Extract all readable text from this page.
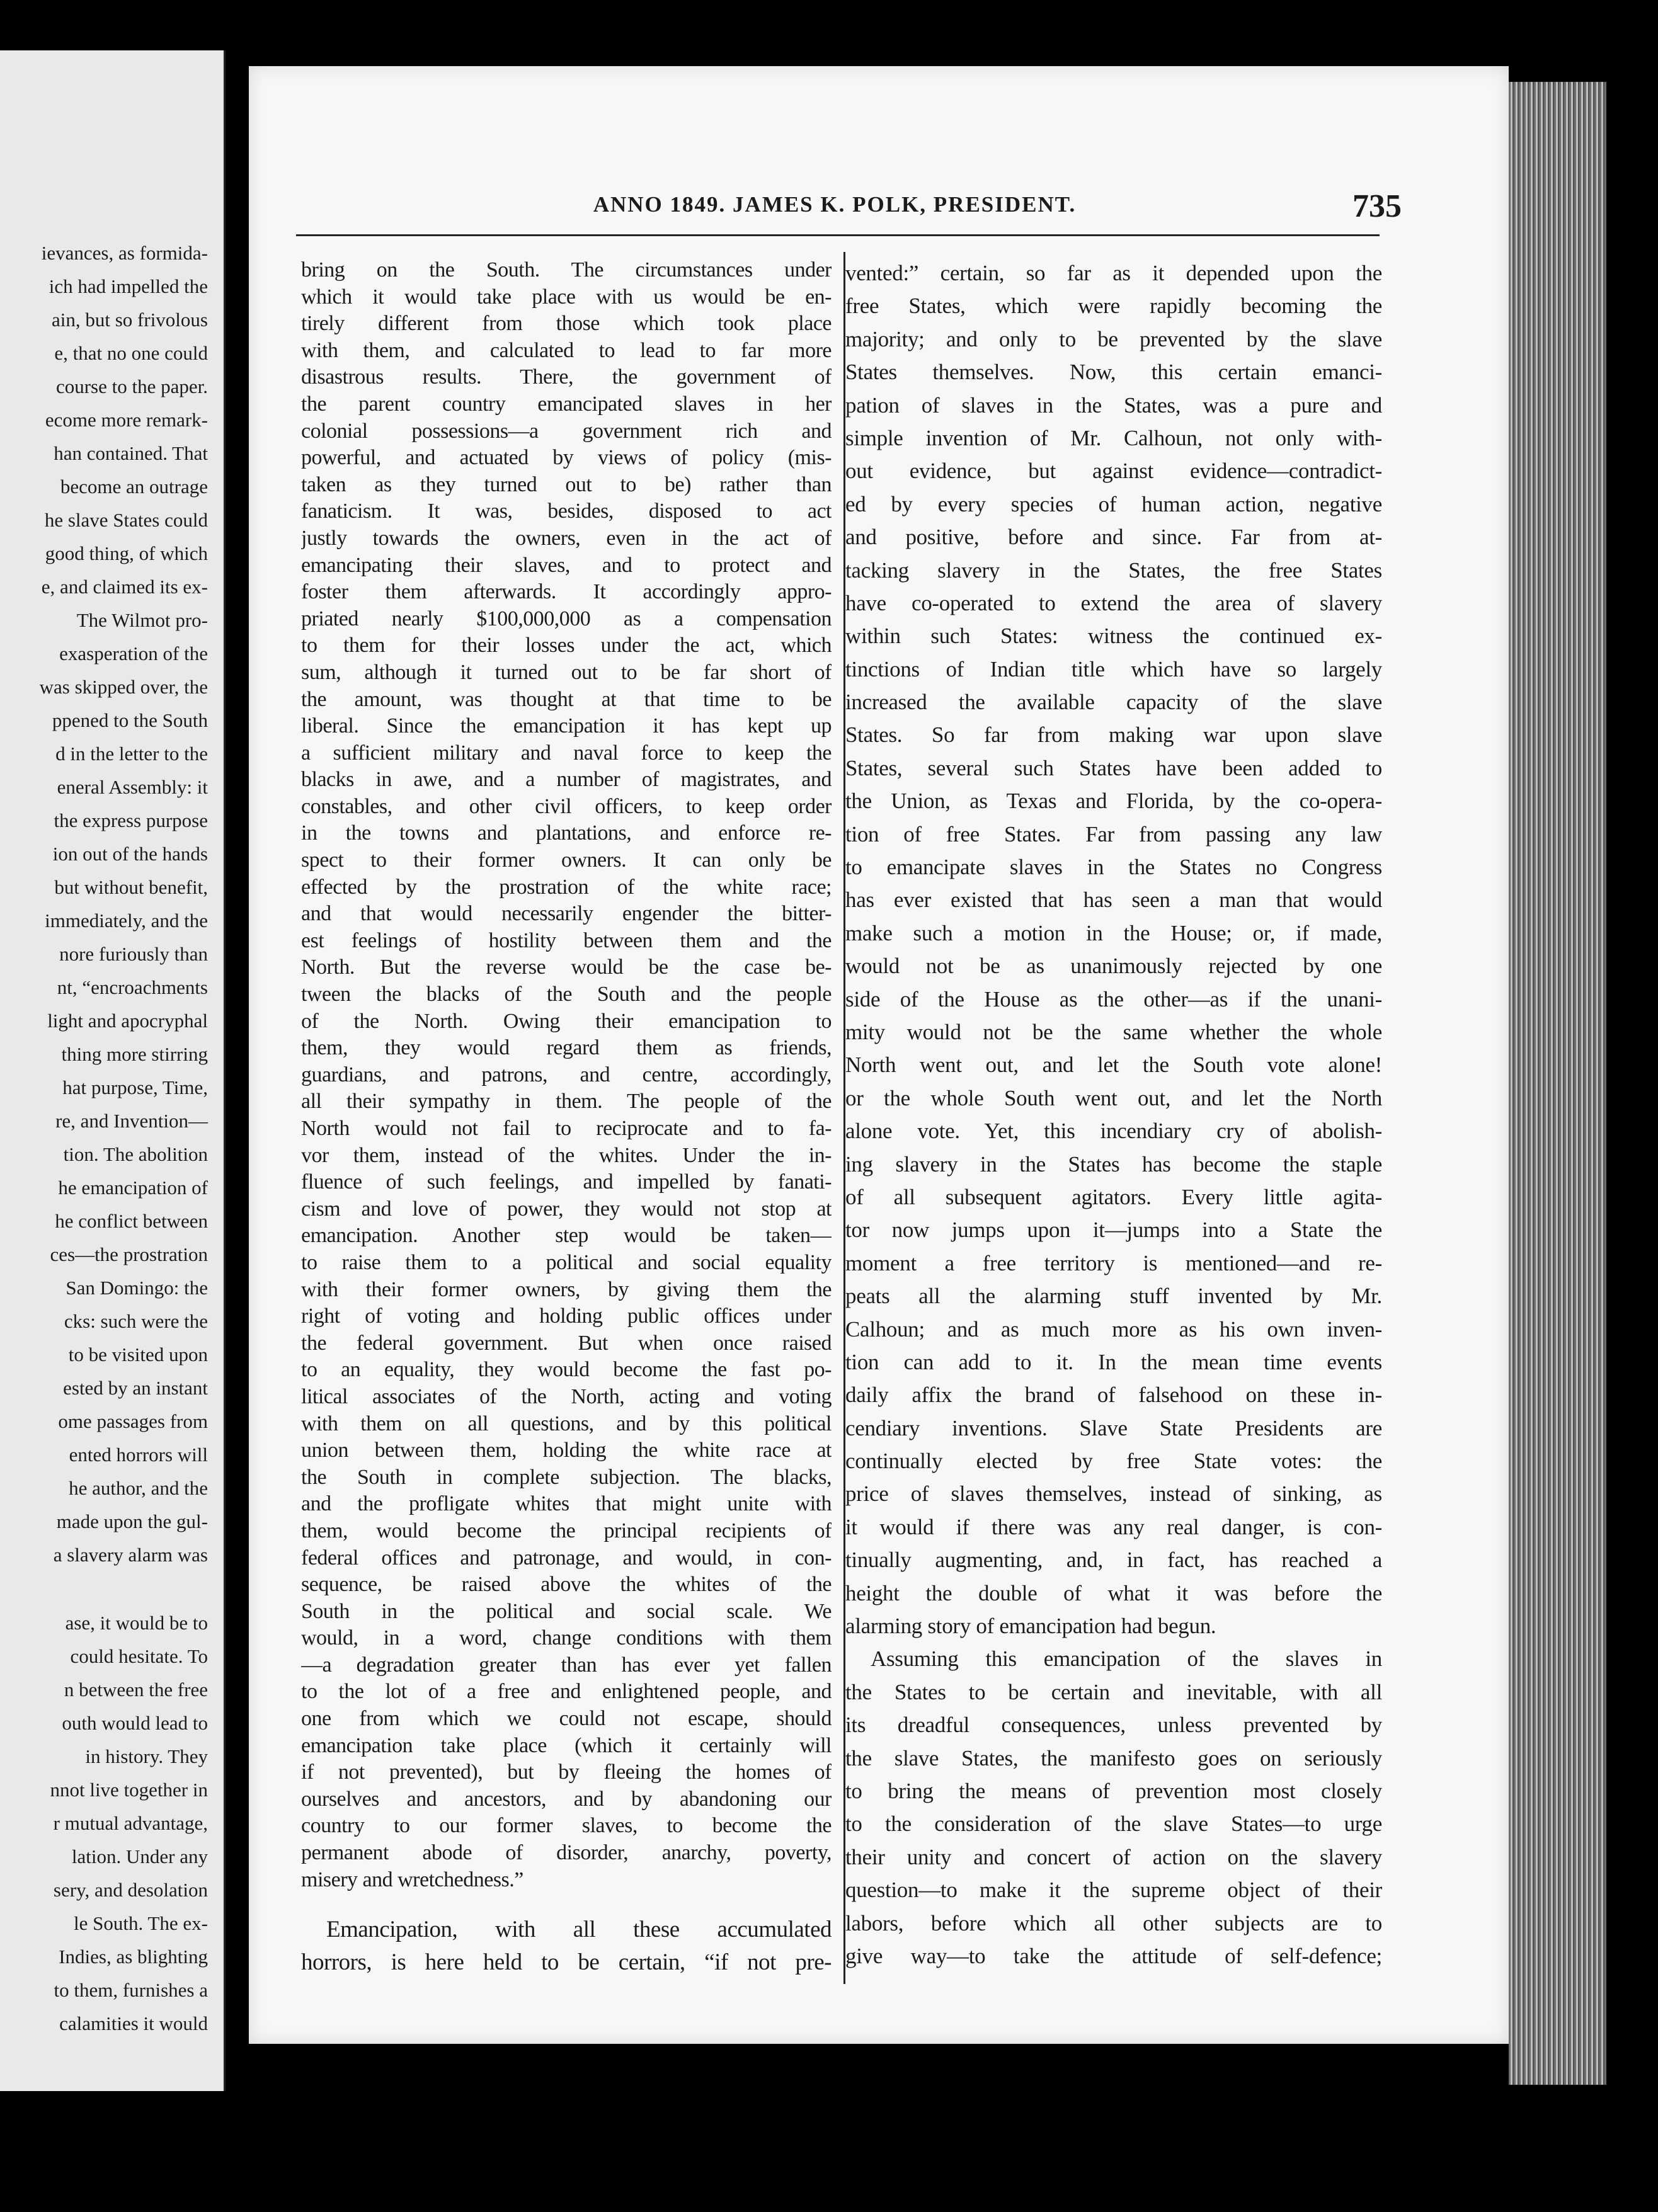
ievances, as formida-
ich had impelled the
ain, but so frivolous
e, that no one could
course to the paper.
ecome more remark-
han contained. That
become an outrage
he slave States could
good thing, of which
e, and claimed its ex-
The Wilmot pro-
exasperation of the
was skipped over, the
ppened to the South
d in the letter to the
eneral Assembly: it
the express purpose
ion out of the hands
but without benefit,
immediately, and the
nore furiously than
nt, “encroachments
light and apocryphal
thing more stirring
hat purpose, Time,
re, and Invention—
tion. The abolition
he emancipation of
he conflict between
ces—the prostration
San Domingo: the
cks: such were the
to be visited upon
ested by an instant
ome passages from
ented horrors will
he author, and the
made upon the gul-
a slavery alarm was
ase, it would be to
could hesitate. To
n between the free
outh would lead to
in history. They
nnot live together in
r mutual advantage,
lation. Under any
sery, and desolation
le South. The ex-
Indies, as blighting
to them, furnishes a
calamities it would
ANNO 1849. JAMES K. POLK, PRESIDENT.	735
bring on the South. The circumstances under
which it would take place with us would be en-
tirely different from those which took place
with them, and calculated to lead to far more
disastrous results. There, the government of
the parent country emancipated slaves in her
colonial possessions—a government rich and
powerful, and actuated by views of policy (mis-
taken as they turned out to be) rather than
fanaticism. It was, besides, disposed to act
justly towards the owners, even in the act of
emancipating their slaves, and to protect and
foster them afterwards. It accordingly appro-
priated nearly $100,000,000 as a compensation
to them for their losses under the act, which
sum, although it turned out to be far short of
the amount, was thought at that time to be
liberal. Since the emancipation it has kept up
a sufficient military and naval force to keep the
blacks in awe, and a number of magistrates, and
constables, and other civil officers, to keep order
in the towns and plantations, and enforce re-
spect to their former owners. It can only be
effected by the prostration of the white race;
and that would necessarily engender the bitter-
est feelings of hostility between them and the
North. But the reverse would be the case be-
tween the blacks of the South and the people
of the North. Owing their emancipation to
them, they would regard them as friends,
guardians, and patrons, and centre, accordingly,
all their sympathy in them. The people of the
North would not fail to reciprocate and to fa-
vor them, instead of the whites. Under the in-
fluence of such feelings, and impelled by fanati-
cism and love of power, they would not stop at
emancipation. Another step would be taken—
to raise them to a political and social equality
with their former owners, by giving them the
right of voting and holding public offices under
the federal government. But when once raised
to an equality, they would become the fast po-
litical associates of the North, acting and voting
with them on all questions, and by this political
union between them, holding the white race at
the South in complete subjection. The blacks,
and the profligate whites that might unite with
them, would become the principal recipients of
federal offices and patronage, and would, in con-
sequence, be raised above the whites of the
South in the political and social scale. We
would, in a word, change conditions with them
—a degradation greater than has ever yet fallen
to the lot of a free and enlightened people, and
one from which we could not escape, should
emancipation take place (which it certainly will
if not prevented), but by fleeing the homes of
ourselves and ancestors, and by abandoning our
country to our former slaves, to become the
permanent abode of disorder, anarchy, poverty,
misery and wretchedness.”
Emancipation, with all these accumulated
horrors, is here held to be certain, “if not pre-
vented:” certain, so far as it depended upon the
free States, which were rapidly becoming the
majority; and only to be prevented by the slave
States themselves. Now, this certain emanci-
pation of slaves in the States, was a pure and
simple invention of Mr. Calhoun, not only with-
out evidence, but against evidence—contradict-
ed by every species of human action, negative
and positive, before and since. Far from at-
tacking slavery in the States, the free States
have co-operated to extend the area of slavery
within such States: witness the continued ex-
tinctions of Indian title which have so largely
increased the available capacity of the slave
States. So far from making war upon slave
States, several such States have been added to
the Union, as Texas and Florida, by the co-opera-
tion of free States. Far from passing any law
to emancipate slaves in the States no Congress
has ever existed that has seen a man that would
make such a motion in the House; or, if made,
would not be as unanimously rejected by one
side of the House as the other—as if the unani-
mity would not be the same whether the whole
North went out, and let the South vote alone!
or the whole South went out, and let the North
alone vote. Yet, this incendiary cry of abolish-
ing slavery in the States has become the staple
of all subsequent agitators. Every little agita-
tor now jumps upon it—jumps into a State the
moment a free territory is mentioned—and re-
peats all the alarming stuff invented by Mr.
Calhoun; and as much more as his own inven-
tion can add to it. In the mean time events
daily affix the brand of falsehood on these in-
cendiary inventions. Slave State Presidents are
continually elected by free State votes: the
price of slaves themselves, instead of sinking, as
it would if there was any real danger, is con-
tinually augmenting, and, in fact, has reached a
height the double of what it was before the
alarming story of emancipation had begun.
Assuming this emancipation of the slaves in
the States to be certain and inevitable, with all
its dreadful consequences, unless prevented by
the slave States, the manifesto goes on seriously
to bring the means of prevention most closely
to the consideration of the slave States—to urge
their unity and concert of action on the slavery
question—to make it the supreme object of their
labors, before which all other subjects are to
give way—to take the attitude of self-defence;
